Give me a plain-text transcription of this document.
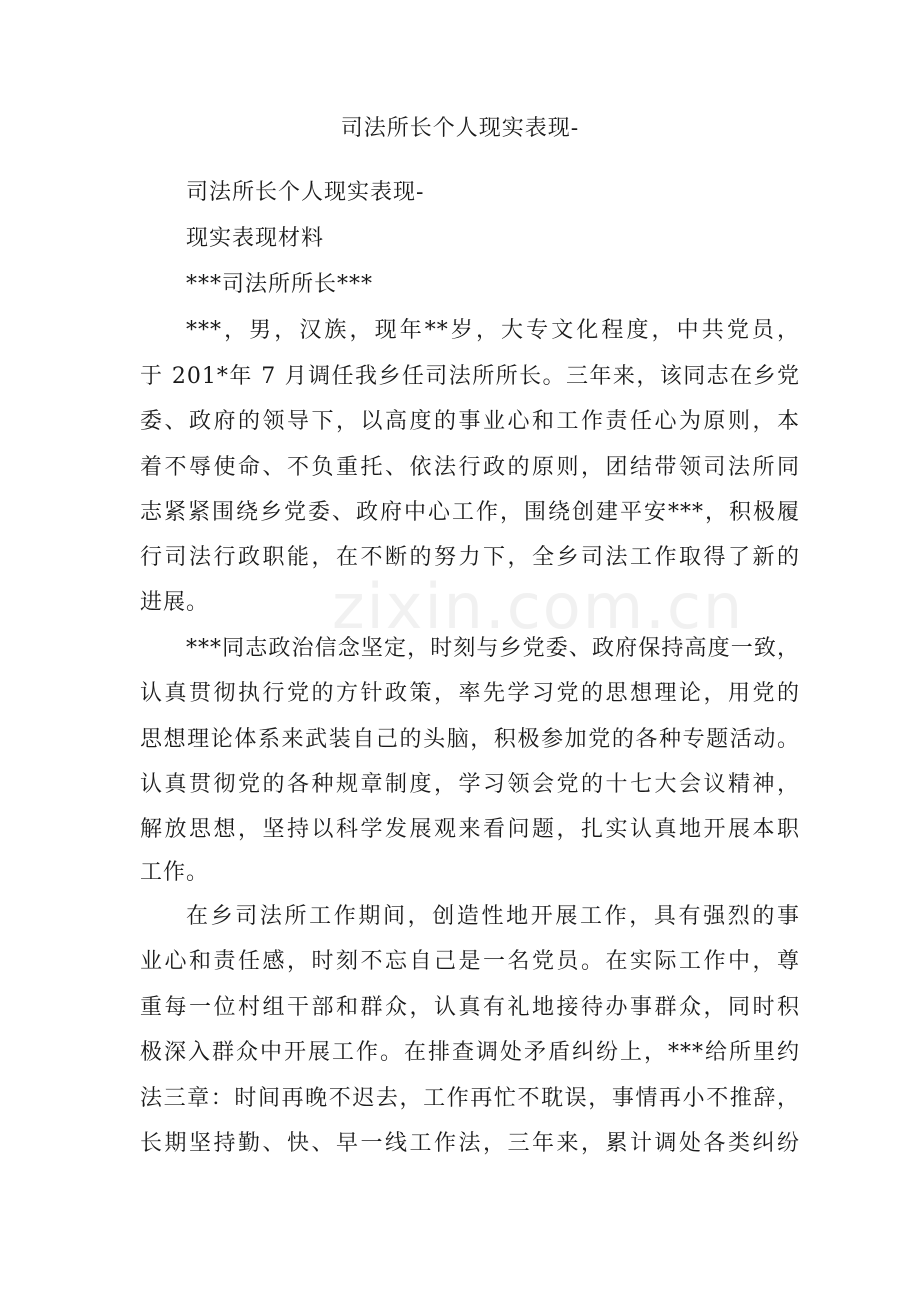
zixin.com.cn
司法所长个人现实表现-
司法所长个人现实表现-
现实表现材料
***司法所所长***
***，男，汉族，现年**岁，大专文化程度，中共党员，
于 201*年 7 月调任我乡任司法所所长。三年来，该同志在乡党
委、政府的领导下，以高度的事业心和工作责任心为原则，本
着不辱使命、不负重托、依法行政的原则，团结带领司法所同
志紧紧围绕乡党委、政府中心工作，围绕创建平安***，积极履
行司法行政职能，在不断的努力下，全乡司法工作取得了新的
进展。
***同志政治信念坚定，时刻与乡党委、政府保持高度一致，
认真贯彻执行党的方针政策，率先学习党的思想理论，用党的
思想理论体系来武装自己的头脑，积极参加党的各种专题活动。
认真贯彻党的各种规章制度，学习领会党的十七大会议精神，
解放思想，坚持以科学发展观来看问题，扎实认真地开展本职
工作。
在乡司法所工作期间，创造性地开展工作，具有强烈的事
业心和责任感，时刻不忘自己是一名党员。在实际工作中，尊
重每一位村组干部和群众，认真有礼地接待办事群众，同时积
极深入群众中开展工作。在排查调处矛盾纠纷上，***给所里约
法三章：时间再晚不迟去，工作再忙不耽误，事情再小不推辞，
长期坚持勤、快、早一线工作法，三年来，累计调处各类纠纷
